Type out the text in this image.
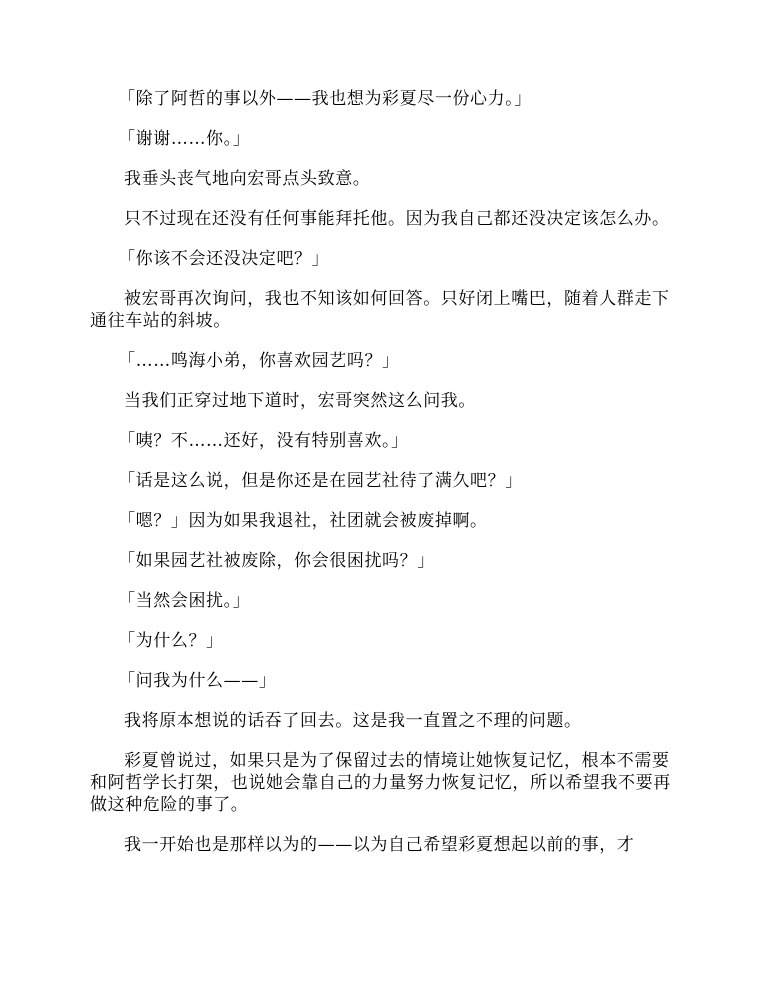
「除了阿哲的事以外——我也想为彩夏尽一份心力。」

「谢谢……你。」

我垂头丧气地向宏哥点头致意。

只不过现在还没有任何事能拜托他。因为我自己都还没决定该怎么办。

「你该不会还没决定吧？」

被宏哥再次询问，我也不知该如何回答。只好闭上嘴巴，随着人群走下通往车站的斜坡。

「……鸣海小弟，你喜欢园艺吗？」

当我们正穿过地下道时，宏哥突然这么问我。

「咦？不……还好，没有特别喜欢。」

「话是这么说，但是你还是在园艺社待了满久吧？」

「嗯？」因为如果我退社，社团就会被废掉啊。

「如果园艺社被废除，你会很困扰吗？」

「当然会困扰。」

「为什么？」

「问我为什么——」

我将原本想说的话吞了回去。这是我一直置之不理的问题。

彩夏曾说过，如果只是为了保留过去的情境让她恢复记忆，根本不需要和阿哲学长打架，也说她会靠自己的力量努力恢复记忆，所以希望我不要再做这种危险的事了。

我一开始也是那样以为的——以为自己希望彩夏想起以前的事，才
